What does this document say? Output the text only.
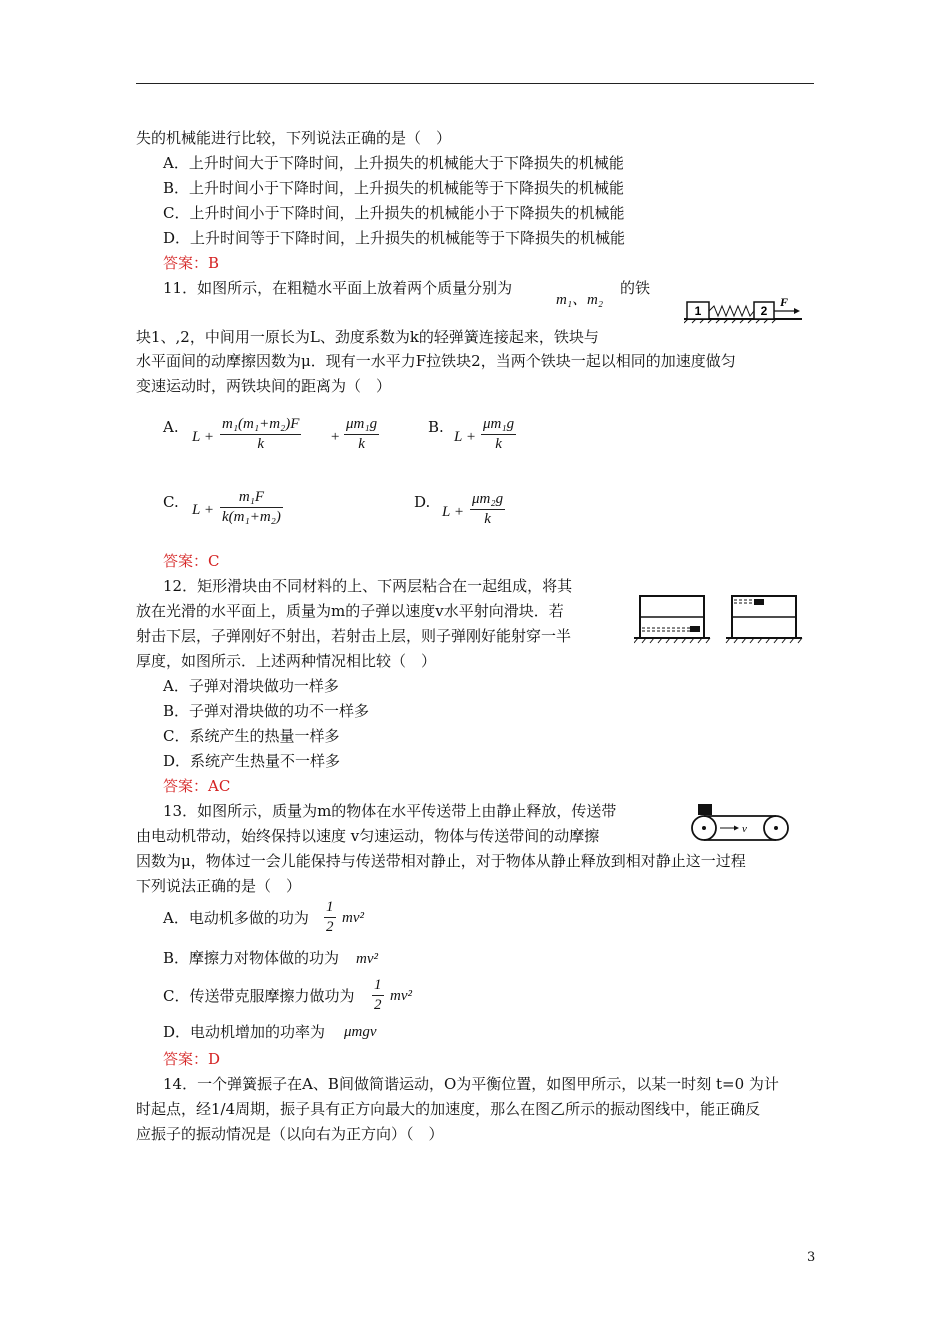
失的机械能进行比较，下列说法正确的是（　）
A．上升时间大于下降时间，上升损失的机械能大于下降损失的机械能
B．上升时间小于下降时间，上升损失的机械能等于下降损失的机械能
C．上升时间小于下降时间，上升损失的机械能小于下降损失的机械能
D．上升时间等于下降时间，上升损失的机械能等于下降损失的机械能
答案：B
11．如图所示，在粗糙水平面上放着两个质量分别为
m₁、m₂
的铁
块1、,2，中间用一原长为L、劲度系数为k的轻弹簧连接起来，铁块与
水平面间的动摩擦因数为μ．现有一水平力F拉铁块2，当两个铁块一起以相同的加速度做匀
变速运动时，两铁块间的距离为（　）
1	2
F
A.
$L + \frac{\text{m₁(m₁+m₂)F}}{k} + \frac{\text{μm₁g}}{k}$	B.
$L + \frac{\text{μm₁g}}{k}$
C. $L + \frac{\text{m₁F}}{\text{k(m₁+m₂)}}$	D.
$L + \frac{\text{μm₂g}}{k}$
答案：C
12．矩形滑块由不同材料的上、下两层粘合在一起组成，将其
放在光滑的水平面上，质量为m的子弹以速度v水平射向滑块．若
射击下层，子弹刚好不射出，若射击上层，则子弹刚好能射穿一半
厚度，如图所示．上述两种情况相比较（　）
A．子弹对滑块做功一样多
B．子弹对滑块做的功不一样多
C．系统产生的热量一样多
D．系统产生热量不一样多
答案：AC
13．如图所示，质量为m的物体在水平传送带上由静止释放，传送带
由电动机带动，始终保持以速度 v匀速运动，物体与传送带间的动摩擦
因数为μ，物体过一会儿能保持与传送带相对静止，对于物体从静止释放到相对静止这一过程
下列说法正确的是（　）
v
A．电动机多做的功为 $\frac{1}{2} mv^2$
B．摩擦力对物体做的功为 mv²
C．传送带克服摩擦力做功为 $\frac{1}{2} mv^2$
D．电动机增加的功率为 μmgv
答案：D
14．一个弹簧振子在A、B间做简谐运动，O为平衡位置，如图甲所示，以某一时刻 t=0 为计
时起点，经1/4周期，振子具有正方向最大的加速度，那么在图乙所示的振动图线中，能正确反
应振子的振动情况是（以向右为正方向）（　）
3
